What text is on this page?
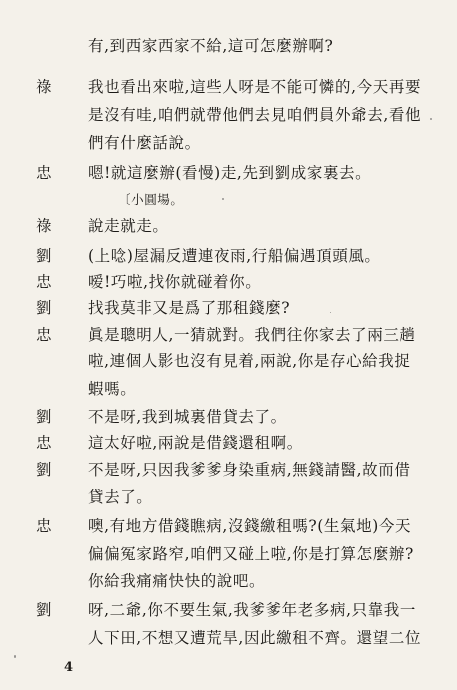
有,到西家西家不給,這可怎麼辦啊?
祿 我也看出來啦,這些人呀是不能可憐的,今天再要
是沒有哇,咱們就帶他們去見咱們員外爺去,看他
們有什麼話說。
忠 嗯!就這麼辦(看慢)走,先到劉成家裏去。
〔小圓場。
祿 說走就走。
劉 (上唸)屋漏反遭連夜雨,行船偏遇頂頭風。
忠 嗳!巧啦,找你就碰着你。
劉 找我莫非又是爲了那租錢麼?
忠 眞是聰明人,一猜就對。我們往你家去了兩三趟
啦,連個人影也沒有見着,兩說,你是存心給我捉
蝦嗎。
劉 不是呀,我到城裏借貸去了。
忠 這太好啦,兩說是借錢還租啊。
劉 不是呀,只因我爹爹身染重病,無錢請醫,故而借
貸去了。
忠 噢,有地方借錢瞧病,沒錢繳租嗎?(生氣地)今天
偏偏冤家路窄,咱們又碰上啦,你是打算怎麼辦?
你給我痛痛快快的說吧。
劉 呀,二爺,你不要生氣,我爹爹年老多病,只靠我一
人下田,不想又遭荒旱,因此繳租不齊。還望二位
4
